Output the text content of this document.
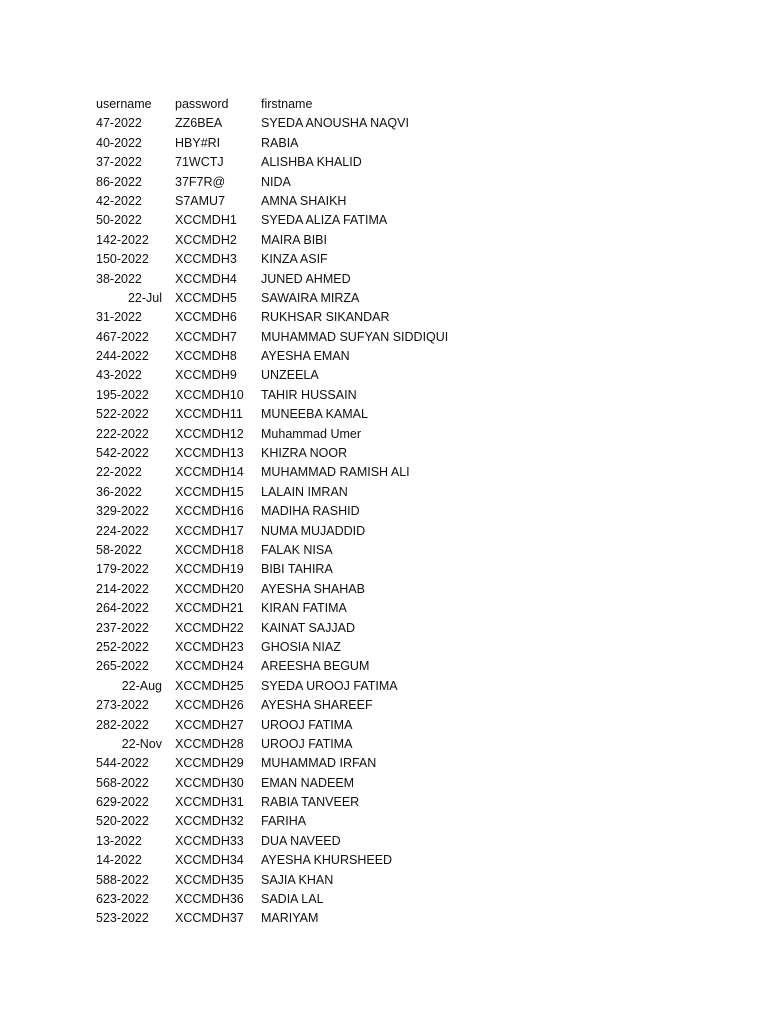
username	password	firstname
47-2022	ZZ6BEA	SYEDA ANOUSHA NAQVI
40-2022	HBY#RI	RABIA
37-2022	71WCTJ	ALISHBA KHALID
86-2022	37F7R@	NIDA
42-2022	S7AMU7	AMNA SHAIKH
50-2022	XCCMDH1 SYEDA ALIZA FATIMA
142-2022	XCCMDH2 MAIRA BIBI
150-2022	XCCMDH3 KINZA ASIF
38-2022	XCCMDH4 JUNED AHMED
22-Jul XCCMDH5 SAWAIRA MIRZA
31-2022	XCCMDH6 RUKHSAR SIKANDAR
467-2022	XCCMDH7 MUHAMMAD SUFYAN SIDDIQUI
244-2022	XCCMDH8 AYESHA EMAN
43-2022	XCCMDH9 UNZEELA
195-2022	XCCMDH10 TAHIR HUSSAIN
522-2022	XCCMDH11 MUNEEBA KAMAL
222-2022	XCCMDH12 Muhammad Umer
542-2022	XCCMDH13 KHIZRA NOOR
22-2022	XCCMDH14 MUHAMMAD RAMISH ALI
36-2022	XCCMDH15 LALAIN IMRAN
329-2022	XCCMDH16 MADIHA RASHID
224-2022	XCCMDH17 NUMA MUJADDID
58-2022	XCCMDH18 FALAK NISA
179-2022	XCCMDH19 BIBI TAHIRA
214-2022	XCCMDH20 AYESHA SHAHAB
264-2022	XCCMDH21 KIRAN FATIMA
237-2022	XCCMDH22 KAINAT SAJJAD
252-2022	XCCMDH23 GHOSIA NIAZ
265-2022	XCCMDH24 AREESHA BEGUM
22-Aug XCCMDH25 SYEDA UROOJ FATIMA
273-2022	XCCMDH26 AYESHA SHAREEF
282-2022	XCCMDH27 UROOJ FATIMA
22-Nov XCCMDH28 UROOJ FATIMA
544-2022	XCCMDH29 MUHAMMAD IRFAN
568-2022	XCCMDH30 EMAN NADEEM
629-2022	XCCMDH31 RABIA TANVEER
520-2022	XCCMDH32 FARIHA
13-2022	XCCMDH33 DUA NAVEED
14-2022	XCCMDH34 AYESHA KHURSHEED
588-2022	XCCMDH35 SAJIA KHAN
623-2022	XCCMDH36 SADIA LAL
523-2022	XCCMDH37 MARIYAM
